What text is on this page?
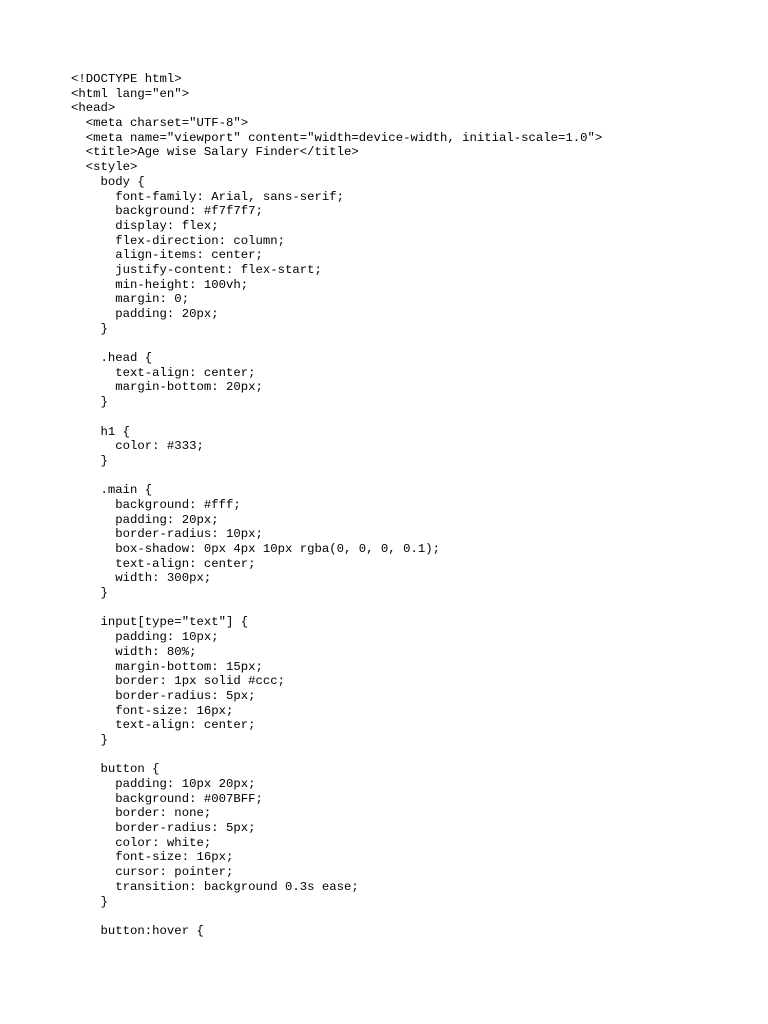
<!DOCTYPE html>
<html lang="en">
<head>
<meta charset="UTF-8">
<meta name="viewport" content="width=device-width, initial-scale=1.0">
<title>Age wise Salary Finder</title>
<style>
body {
font-family: Arial, sans-serif;
background: #f7f7f7;
display: flex;
flex-direction: column;
align-items: center;
justify-content: flex-start;
min-height: 100vh;
margin: 0;
padding: 20px;
}
.head {
text-align: center;
margin-bottom: 20px;
}
h1 {
color: #333;
}
.main {
background: #fff;
padding: 20px;
border-radius: 10px;
box-shadow: 0px 4px 10px rgba(0, 0, 0, 0.1);
text-align: center;
width: 300px;
}
input[type="text"] {
padding: 10px;
width: 80%;
margin-bottom: 15px;
border: 1px solid #ccc;
border-radius: 5px;
font-size: 16px;
text-align: center;
}
button {
padding: 10px 20px;
background: #007BFF;
border: none;
border-radius: 5px;
color: white;
font-size: 16px;
cursor: pointer;
transition: background 0.3s ease;
}
button:hover {
